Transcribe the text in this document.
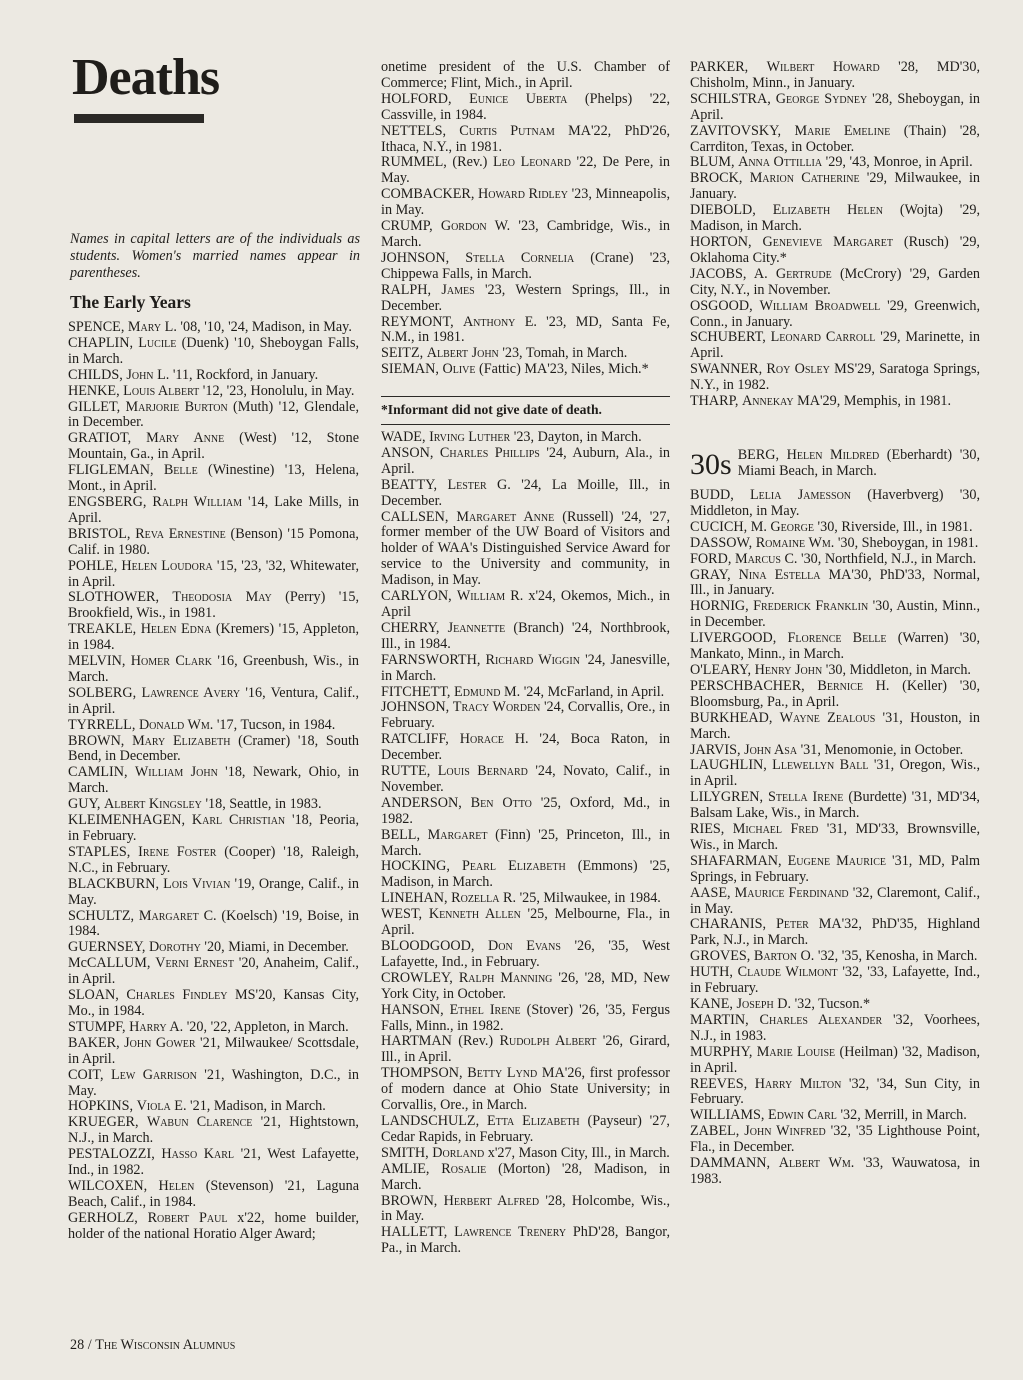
Deaths
Names in capital letters are of the individuals as students. Women's married names appear in parentheses.
The Early Years

SPENCE, Mary L. '08, '10, '24, Madison, in May.

CHAPLIN, Lucile (Duenk) '10, Sheboygan Falls, in March.

CHILDS, John L. '11, Rockford, in January.

HENKE, Louis Albert '12, '23, Honolulu, in May.

GILLET, Marjorie Burton (Muth) '12, Glendale, in December.

GRATIOT, Mary Anne (West) '12, Stone Mountain, Ga., in April.

FLIGLEMAN, Belle (Winestine) '13, Helena, Mont., in April.

ENGSBERG, Ralph William '14, Lake Mills, in April.

BRISTOL, Reva Ernestine (Benson) '15 Pomona, Calif. in 1980.

POHLE, Helen Loudora '15, '23, '32, Whitewater, in April.

SLOTHOWER, Theodosia May (Perry) '15, Brookfield, Wis., in 1981.

TREAKLE, Helen Edna (Kremers) '15, Appleton, in 1984.

MELVIN, Homer Clark '16, Greenbush, Wis., in March.

SOLBERG, Lawrence Avery '16, Ventura, Calif., in April.

TYRRELL, Donald Wm. '17, Tucson, in 1984.

BROWN, Mary Elizabeth (Cramer) '18, South Bend, in December.

CAMLIN, William John '18, Newark, Ohio, in March.

GUY, Albert Kingsley '18, Seattle, in 1983.

KLEIMENHAGEN, Karl Christian '18, Peoria, in February.

STAPLES, Irene Foster (Cooper) '18, Raleigh, N.C., in February.

BLACKBURN, Lois Vivian '19, Orange, Calif., in May.

SCHULTZ, Margaret C. (Koelsch) '19, Boise, in 1984.

GUERNSEY, Dorothy '20, Miami, in December.

McCALLUM, Verni Ernest '20, Anaheim, Calif., in April.

SLOAN, Charles Findley MS'20, Kansas City, Mo., in 1984.

STUMPF, Harry A. '20, '22, Appleton, in March.

BAKER, John Gower '21, Milwaukee/ Scottsdale, in April.

COIT, Lew Garrison '21, Washington, D.C., in May.

HOPKINS, Viola E. '21, Madison, in March.

KRUEGER, Wabun Clarence '21, Hightstown, N.J., in March.

PESTALOZZI, Hasso Karl '21, West Lafayette, Ind., in 1982.

WILCOXEN, Helen (Stevenson) '21, Laguna Beach, Calif., in 1984.

GERHOLZ, Robert Paul x'22, home builder, holder of the national Horatio Alger Award;

onetime president of the U.S. Chamber of Commerce; Flint, Mich., in April.

HOLFORD, Eunice Uberta (Phelps) '22, Cassville, in 1984.

NETTELS, Curtis Putnam MA'22, PhD'26, Ithaca, N.Y., in 1981.

RUMMEL, (Rev.) Leo Leonard '22, De Pere, in May.

COMBACKER, Howard Ridley '23, Minneapolis, in May.

CRUMP, Gordon W. '23, Cambridge, Wis., in March.

JOHNSON, Stella Cornelia (Crane) '23, Chippewa Falls, in March.

RALPH, James '23, Western Springs, Ill., in December.

REYMONT, Anthony E. '23, MD, Santa Fe, N.M., in 1981.

SEITZ, Albert John '23, Tomah, in March.

SIEMAN, Olive (Fattic) MA'23, Niles, Mich.*

*Informant did not give date of death.

WADE, Irving Luther '23, Dayton, in March.

ANSON, Charles Phillips '24, Auburn, Ala., in April.

BEATTY, Lester G. '24, La Moille, Ill., in December.

CALLSEN, Margaret Anne (Russell) '24, '27, former member of the UW Board of Visitors and holder of WAA's Distinguished Service Award for service to the University and community, in Madison, in May.

CARLYON, William R. x'24, Okemos, Mich., in April

CHERRY, Jeannette (Branch) '24, Northbrook, Ill., in 1984.

FARNSWORTH, Richard Wiggin '24, Janesville, in March.

FITCHETT, Edmund M. '24, McFarland, in April.

JOHNSON, Tracy Worden '24, Corvallis, Ore., in February.

RATCLIFF, Horace H. '24, Boca Raton, in December.

RUTTE, Louis Bernard '24, Novato, Calif., in November.

ANDERSON, Ben Otto '25, Oxford, Md., in 1982.

BELL, Margaret (Finn) '25, Princeton, Ill., in March.

HOCKING, Pearl Elizabeth (Emmons) '25, Madison, in March.

LINEHAN, Rozella R. '25, Milwaukee, in 1984.

WEST, Kenneth Allen '25, Melbourne, Fla., in April.

BLOODGOOD, Don Evans '26, '35, West Lafayette, Ind., in February.

CROWLEY, Ralph Manning '26, '28, MD, New York City, in October.

HANSON, Ethel Irene (Stover) '26, '35, Fergus Falls, Minn., in 1982.

HARTMAN (Rev.) Rudolph Albert '26, Girard, Ill., in April.

THOMPSON, Betty Lynd MA'26, first professor of modern dance at Ohio State University; in Corvallis, Ore., in March.

LANDSCHULZ, Etta Elizabeth (Payseur) '27, Cedar Rapids, in February.

SMITH, Dorland x'27, Mason City, Ill., in March.

AMLIE, Rosalie (Morton) '28, Madison, in March.

BROWN, Herbert Alfred '28, Holcombe, Wis., in May.

HALLETT, Lawrence Trenery PhD'28, Bangor, Pa., in March.

PARKER, Wilbert Howard '28, MD'30, Chisholm, Minn., in January.

SCHILSTRA, George Sydney '28, Sheboygan, in April.

ZAVITOVSKY, Marie Emeline (Thain) '28, Carrditon, Texas, in October.

BLUM, Anna Ottillia '29, '43, Monroe, in April.

BROCK, Marion Catherine '29, Milwaukee, in January.

DIEBOLD, Elizabeth Helen (Wojta) '29, Madison, in March.

HORTON, Genevieve Margaret (Rusch) '29, Oklahoma City.*

JACOBS, A. Gertrude (McCrory) '29, Garden City, N.Y., in November.

OSGOOD, William Broadwell '29, Greenwich, Conn., in January.

SCHUBERT, Leonard Carroll '29, Marinette, in April.

SWANNER, Roy Osley MS'29, Saratoga Springs, N.Y., in 1982.

THARP, Annekay MA'29, Memphis, in 1981.

30s BERG, Helen Mildred (Eberhardt) '30, Miami Beach, in March.

BUDD, Lelia Jamesson (Haverbverg) '30, Middleton, in May.

CUCICH, M. George '30, Riverside, Ill., in 1981.

DASSOW, Romaine Wm. '30, Sheboygan, in 1981.

FORD, Marcus C. '30, Northfield, N.J., in March.

GRAY, Nina Estella MA'30, PhD'33, Normal, Ill., in January.

HORNIG, Frederick Franklin '30, Austin, Minn., in December.

LIVERGOOD, Florence Belle (Warren) '30, Mankato, Minn., in March.

O'LEARY, Henry John '30, Middleton, in March.

PERSCHBACHER, Bernice H. (Keller) '30, Bloomsburg, Pa., in April.

BURKHEAD, Wayne Zealous '31, Houston, in March.

JARVIS, John Asa '31, Menomonie, in October.

LAUGHLIN, Llewellyn Ball '31, Oregon, Wis., in April.

LILYGREN, Stella Irene (Burdette) '31, MD'34, Balsam Lake, Wis., in March.

RIES, Michael Fred '31, MD'33, Brownsville, Wis., in March.

SHAFARMAN, Eugene Maurice '31, MD, Palm Springs, in February.

AASE, Maurice Ferdinand '32, Claremont, Calif., in May.

CHARANIS, Peter MA'32, PhD'35, Highland Park, N.J., in March.

GROVES, Barton O. '32, '35, Kenosha, in March.

HUTH, Claude Wilmont '32, '33, Lafayette, Ind., in February.

KANE, Joseph D. '32, Tucson.*

MARTIN, Charles Alexander '32, Voorhees, N.J., in 1983.

MURPHY, Marie Louise (Heilman) '32, Madison, in April.

REEVES, Harry Milton '32, '34, Sun City, in February.

WILLIAMS, Edwin Carl '32, Merrill, in March.

ZABEL, John Winfred '32, '35 Lighthouse Point, Fla., in December.

DAMMANN, Albert Wm. '33, Wauwatosa, in 1983.

28 / The Wisconsin Alumnus
